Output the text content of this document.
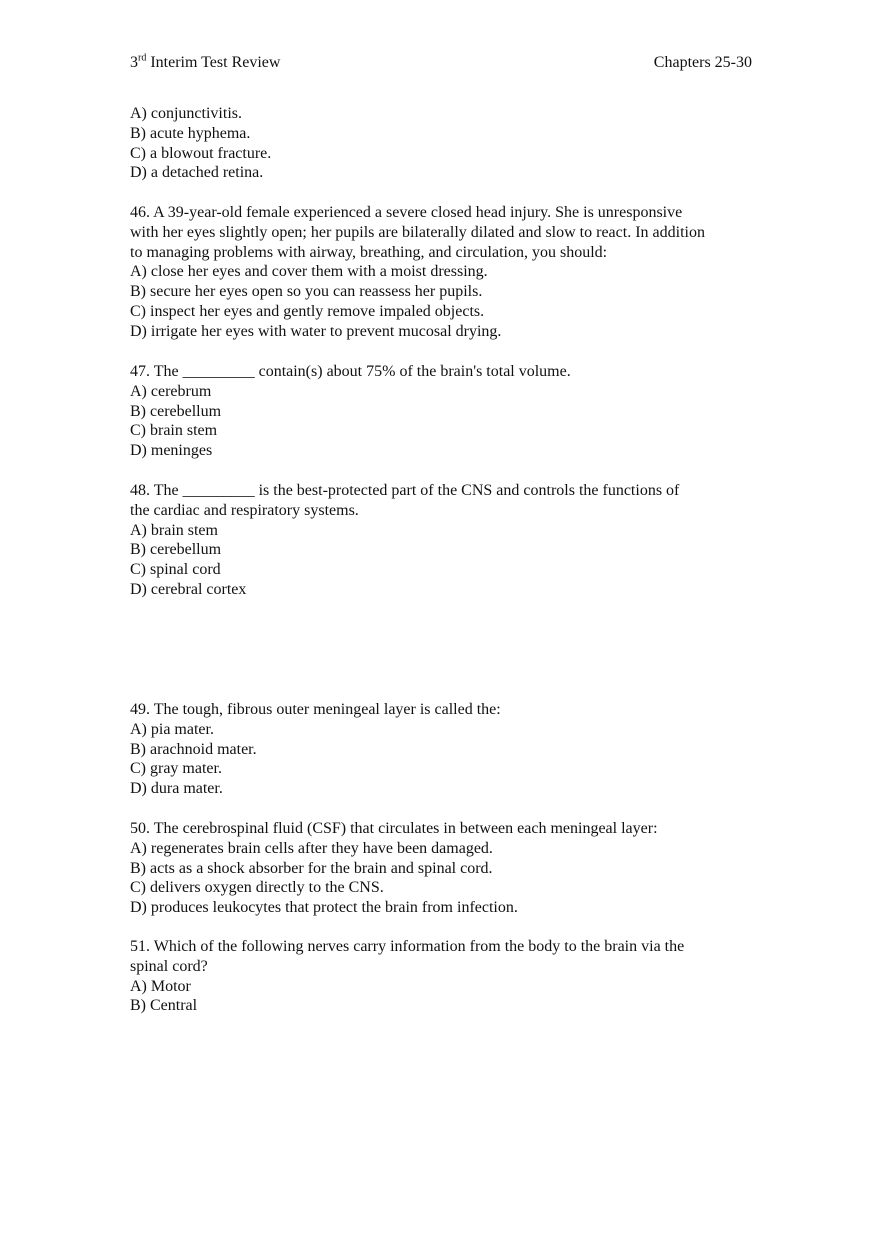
3rd Interim Test Review	Chapters 25-30
A) conjunctivitis.
B) acute hyphema.
C) a blowout fracture.
D) a detached retina.
46. A 39-year-old female experienced a severe closed head injury. She is unresponsive
with her eyes slightly open; her pupils are bilaterally dilated and slow to react. In addition
to managing problems with airway, breathing, and circulation, you should:
A) close her eyes and cover them with a moist dressing.
B) secure her eyes open so you can reassess her pupils.
C) inspect her eyes and gently remove impaled objects.
D) irrigate her eyes with water to prevent mucosal drying.
47. The _________ contain(s) about 75% of the brain's total volume.
A) cerebrum
B) cerebellum
C) brain stem
D) meninges
48. The _________ is the best-protected part of the CNS and controls the functions of
the cardiac and respiratory systems.
A) brain stem
B) cerebellum
C) spinal cord
D) cerebral cortex
49. The tough, fibrous outer meningeal layer is called the:
A) pia mater.
B) arachnoid mater.
C) gray mater.
D) dura mater.
50. The cerebrospinal fluid (CSF) that circulates in between each meningeal layer:
A) regenerates brain cells after they have been damaged.
B) acts as a shock absorber for the brain and spinal cord.
C) delivers oxygen directly to the CNS.
D) produces leukocytes that protect the brain from infection.
51. Which of the following nerves carry information from the body to the brain via the
spinal cord?
A) Motor
B) Central
